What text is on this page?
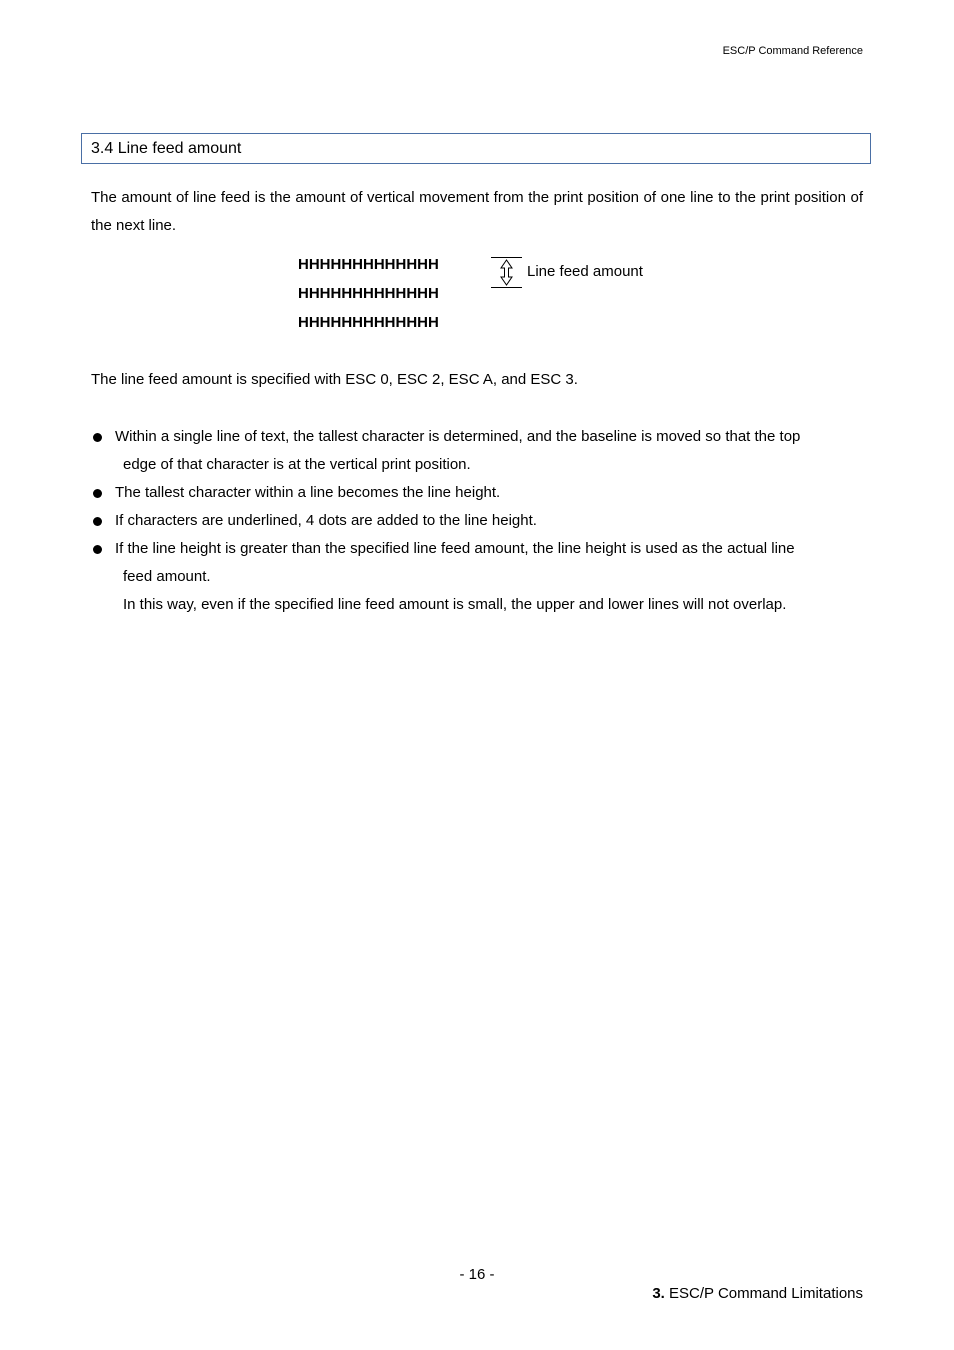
ESC/P Command Reference
3.4 Line feed amount

The amount of line feed is the amount of vertical movement from the print position of one line to the print position of the next line.

HHHHHHHHHHHHH
HHHHHHHHHHHHH
HHHHHHHHHHHHH
Line feed amount

The line feed amount is specified with ESC 0, ESC 2, ESC A, and ESC 3.

Within a single line of text, the tallest character is determined, and the baseline is moved so that the top
edge of that character is at the vertical print position.
The tallest character within a line becomes the line height.
If characters are underlined, 4 dots are added to the line height.
If the line height is greater than the specified line feed amount, the line height is used as the actual line
feed amount.
In this way, even if the specified line feed amount is small, the upper and lower lines will not overlap.
- 16 -
3. ESC/P Command Limitations
